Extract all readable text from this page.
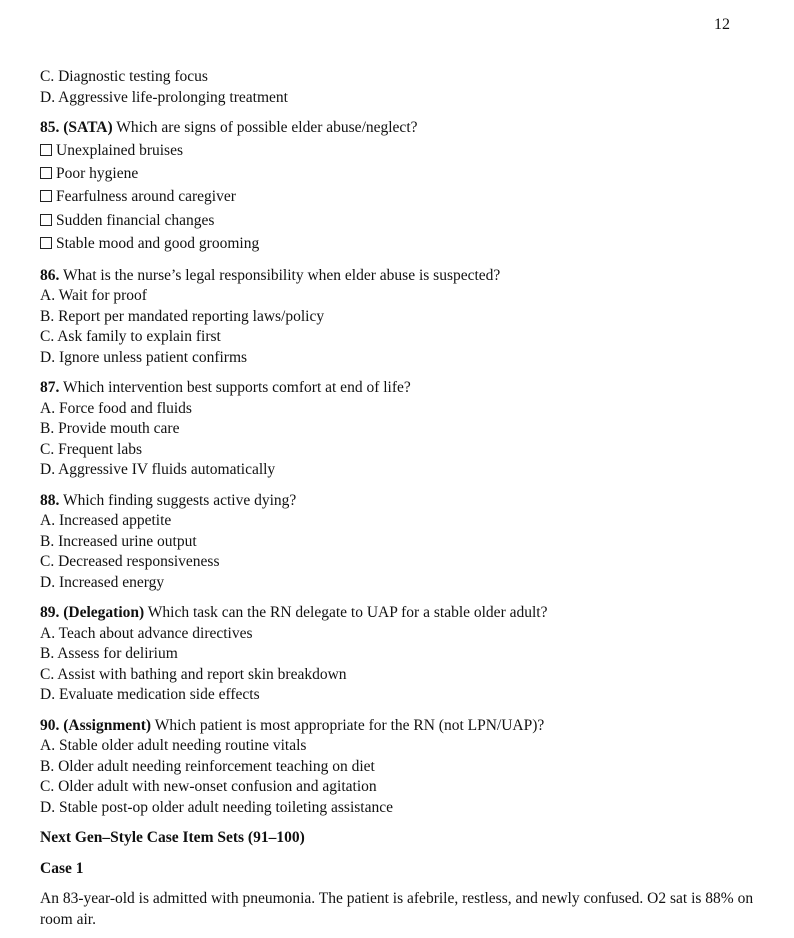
12
C. Diagnostic testing focus
D. Aggressive life-prolonging treatment
85. (SATA) Which are signs of possible elder abuse/neglect?
Unexplained bruises
Poor hygiene
Fearfulness around caregiver
Sudden financial changes
Stable mood and good grooming
86. What is the nurse’s legal responsibility when elder abuse is suspected?
A. Wait for proof
B. Report per mandated reporting laws/policy
C. Ask family to explain first
D. Ignore unless patient confirms
87. Which intervention best supports comfort at end of life?
A. Force food and fluids
B. Provide mouth care
C. Frequent labs
D. Aggressive IV fluids automatically
88. Which finding suggests active dying?
A. Increased appetite
B. Increased urine output
C. Decreased responsiveness
D. Increased energy
89. (Delegation) Which task can the RN delegate to UAP for a stable older adult?
A. Teach about advance directives
B. Assess for delirium
C. Assist with bathing and report skin breakdown
D. Evaluate medication side effects
90. (Assignment) Which patient is most appropriate for the RN (not LPN/UAP)?
A. Stable older adult needing routine vitals
B. Older adult needing reinforcement teaching on diet
C. Older adult with new-onset confusion and agitation
D. Stable post-op older adult needing toileting assistance
Next Gen–Style Case Item Sets (91–100)
Case 1
An 83-year-old is admitted with pneumonia. The patient is afebrile, restless, and newly confused. O2 sat is 88% on room air.
